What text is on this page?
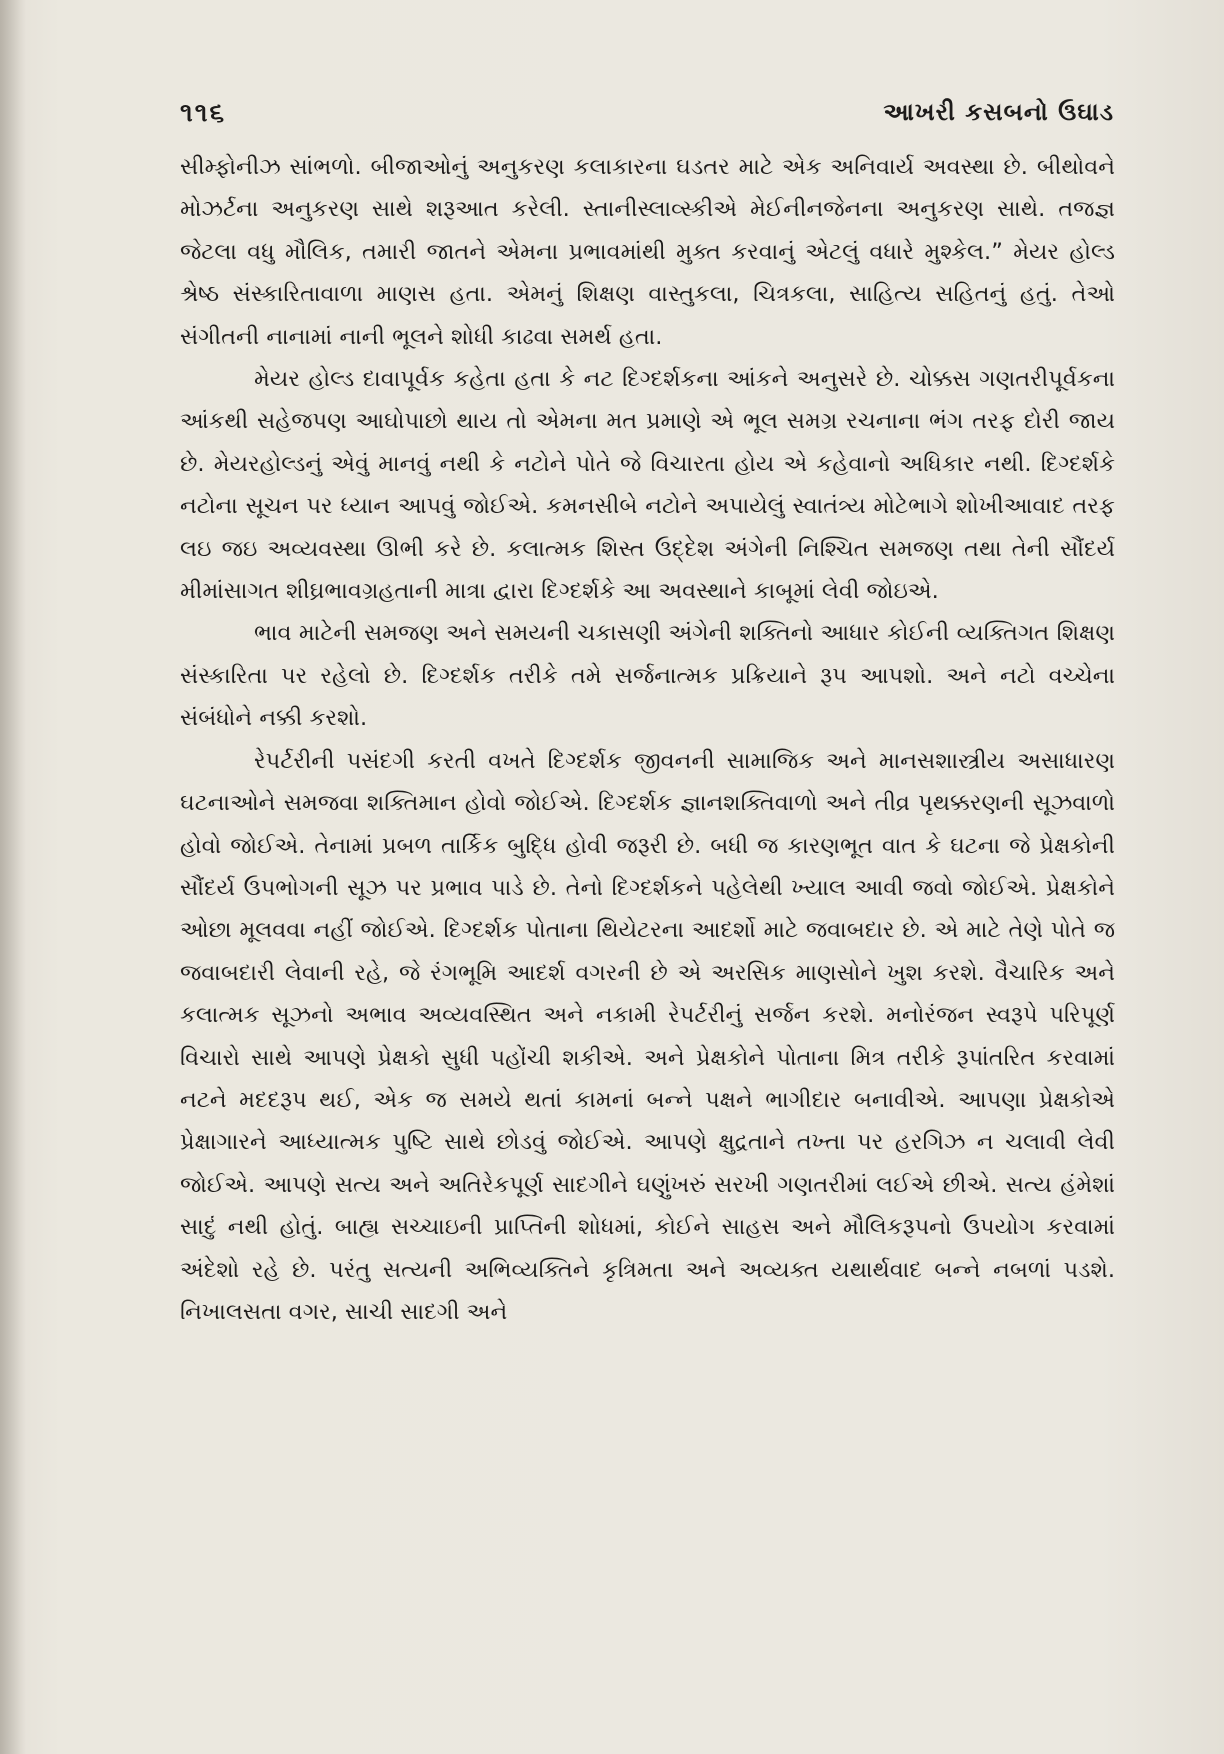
૧૧૬	આખરી કસબનો ઉઘાડ

સીમ્ફોનીઝ સાંભળો. બીજાઓનું અનુકરણ કલાકારના ઘડતર માટે એક અનિવાર્ય અવસ્થા છે. બીથોવને મોઝર્ટના અનુકરણ સાથે શરૂઆત કરેલી. સ્તાનીસ્લાવ્સ્કીએ મેઈનીનજેનના અનુકરણ સાથે. તજજ્ઞ જેટલા વધુ મૌલિક, તમારી જાતને એમના પ્રભાવમાંથી મુક્ત કરવાનું એટલું વધારે મુશ્કેલ.” મેયર હોલ્ડ શ્રેષ્ઠ સંસ્કારિતાવાળા માણસ હતા. એમનું શિક્ષણ વાસ્તુકલા, ચિત્રકલા, સાહિત્ય સહિતનું હતું. તેઓ સંગીતની નાનામાં નાની ભૂલને શોધી કાઢવા સમર્થ હતા.

મેયર હોલ્ડ દાવાપૂર્વક કહેતા હતા કે નટ દિગ્દર્શકના આંકને અનુસરે છે. ચોક્કસ ગણતરીપૂર્વકના આંકથી સહેજપણ આઘોપાછો થાય તો એમના મત પ્રમાણે એ ભૂલ સમગ્ર રચનાના ભંગ તરફ દોરી જાય છે. મેયરહોલ્ડનું એવું માનવું નથી કે નટોને પોતે જે વિચારતા હોય એ કહેવાનો અધિકાર નથી. દિગ્દર્શકે નટોના સૂચન પર ધ્યાન આપવું જોઈએ. કમનસીબે નટોને અપાયેલું સ્વાતંત્ર્ય મોટેભાગે શોખીઆવાદ તરફ લઇ જઇ અવ્યવસ્થા ઊભી કરે છે. કલાત્મક શિસ્ત ઉદ્દેશ અંગેની નિશ્ચિત સમજણ તથા તેની સૌંદર્ય મીમાંસાગત શીઘ્રભાવગ્રહતાની માત્રા દ્વારા દિગ્દર્શકે આ અવસ્થાને કાબૂમાં લેવી જોઇએ.

ભાવ માટેની સમજણ અને સમયની ચકાસણી અંગેની શક્તિનો આધાર કોઈની વ્યક્તિગત શિક્ષણ સંસ્કારિતા પર રહેલો છે. દિગ્દર્શક તરીકે તમે સર્જનાત્મક પ્રક્રિયાને રૂપ આપશો. અને નટો વચ્ચેના સંબંધોને નક્કી કરશો.

રેપર્ટરીની પસંદગી કરતી વખતે દિગ્દર્શક જીવનની સામાજિક અને માનસશાસ્ત્રીય અસાધારણ ઘટનાઓને સમજવા શક્તિમાન હોવો જોઈએ. દિગ્દર્શક જ્ઞાનશક્તિવાળો અને તીવ્ર પૃથક્કરણની સૂઝવાળો હોવો જોઈએ. તેનામાં પ્રબળ તાર્કિક બુદ્ધિ હોવી જરૂરી છે. બધી જ કારણભૂત વાત કે ઘટના જે પ્રેક્ષકોની સૌંદર્ય ઉપભોગની સૂઝ પર પ્રભાવ પાડે છે. તેનો દિગ્દર્શકને પહેલેથી ખ્યાલ આવી જવો જોઈએ. પ્રેક્ષકોને ઓછા મૂલવવા નહીં જોઈએ. દિગ્દર્શક પોતાના થિયેટરના આદર્શો માટે જવાબદાર છે. એ માટે તેણે પોતે જ જવાબદારી લેવાની રહે, જે રંગભૂમિ આદર્શ વગરની છે એ અરસિક માણસોને ખુશ કરશે. વૈચારિક અને કલાત્મક સૂઝનો અભાવ અવ્યવસ્થિત અને નકામી રેપર્ટરીનું સર્જન કરશે. મનોરંજન સ્વરૂપે પરિપૂર્ણ વિચારો સાથે આપણે પ્રેક્ષકો સુધી પહોંચી શકીએ. અને પ્રેક્ષકોને પોતાના મિત્ર તરીકે રૂપાંતરિત કરવામાં નટને મદદરૂપ થઈ, એક જ સમયે થતાં કામનાં બન્ને પક્ષને ભાગીદાર બનાવીએ. આપણા પ્રેક્ષકોએ પ્રેક્ષાગારને આધ્યાત્મક પુષ્ટિ સાથે છોડવું જોઈએ. આપણે ક્ષુદ્રતાને તખ્તા પર હરગિઝ ન ચલાવી લેવી જોઈએ. આપણે સત્ય અને અતિરેકપૂર્ણ સાદગીને ઘણુંખરું સરખી ગણતરીમાં લઈએ છીએ. સત્ય હંમેશાં સાદું નથી હોતું. બાહ્ય સચ્ચાઇની પ્રાપ્તિની શોધમાં, કોઈને સાહસ અને મૌલિકરૂપનો ઉપયોગ કરવામાં અંદેશો રહે છે. પરંતુ સત્યની અભિવ્યક્તિને કૃત્રિમતા અને અવ્યક્ત યથાર્થવાદ બન્ને નબળાં પડશે. નિખાલસતા વગર, સાચી સાદગી અને
